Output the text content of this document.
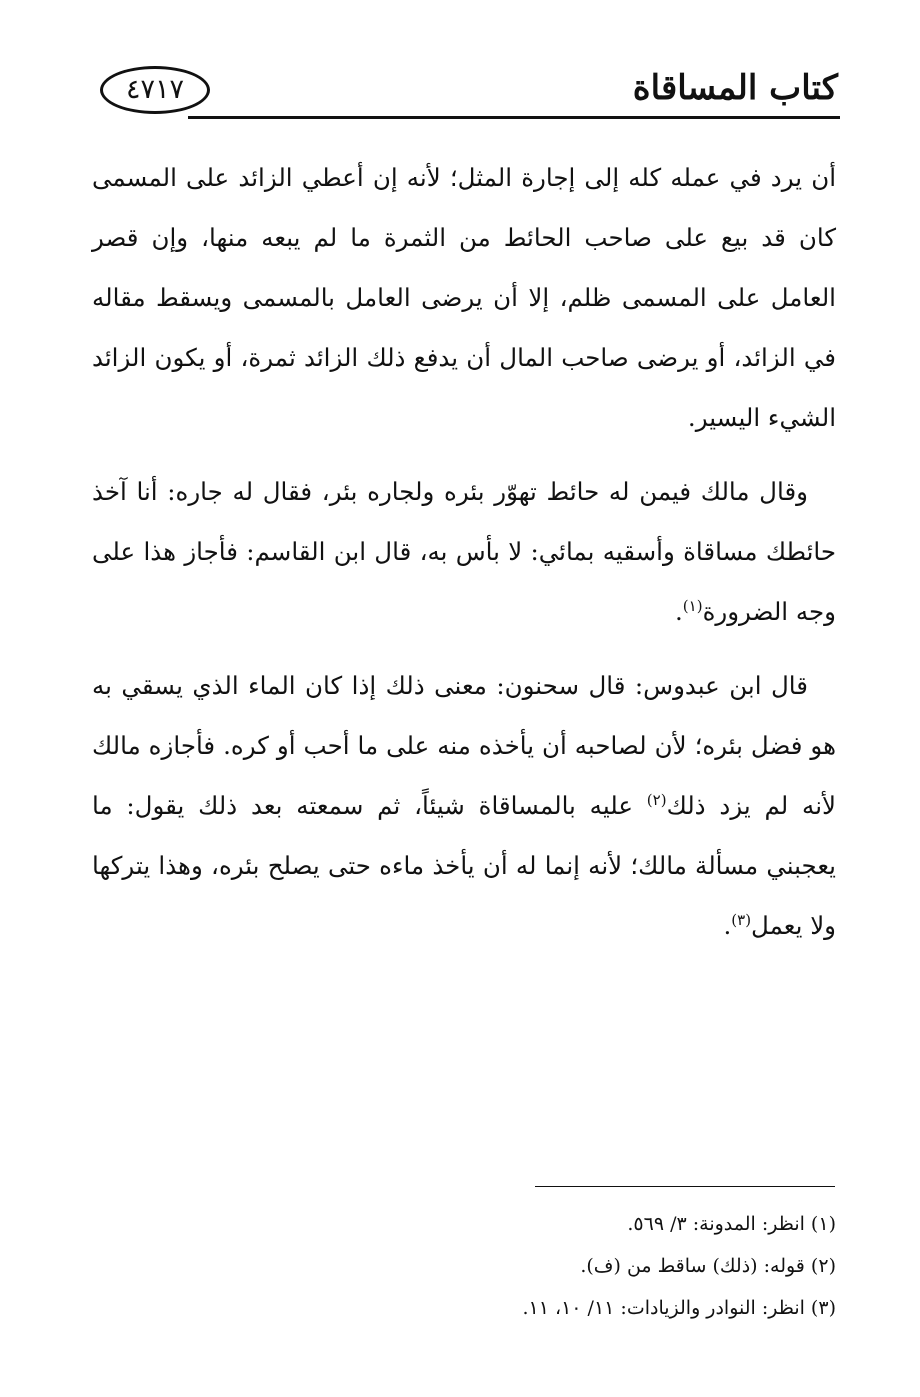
كتاب المساقاة
٤٧١٧

أن يرد في عمله كله إلى إجارة المثل؛ لأنه إن أعطي الزائد على المسمى كان قد بيع على صاحب الحائط من الثمرة ما لم يبعه منها، وإن قصر العامل على المسمى ظلم، إلا أن يرضى العامل بالمسمى ويسقط مقاله في الزائد، أو يرضى صاحب المال أن يدفع ذلك الزائد ثمرة، أو يكون الزائد الشيء اليسير.

وقال مالك فيمن له حائط تهوّر بئره ولجاره بئر، فقال له جاره: أنا آخذ حائطك مساقاة وأسقيه بمائي: لا بأس به، قال ابن القاسم: فأجاز هذا على وجه الضرورة$^{(١)}$.

قال ابن عبدوس: قال سحنون: معنى ذلك إذا كان الماء الذي يسقي به هو فضل بئره؛ لأن لصاحبه أن يأخذه منه على ما أحب أو كره. فأجازه مالك لأنه لم يزد ذلك$^{(٢)}$ عليه بالمساقاة شيئاً، ثم سمعته بعد ذلك يقول: ما يعجبني مسألة مالك؛ لأنه إنما له أن يأخذ ماءه حتى يصلح بئره، وهذا يتركها ولا يعمل$^{(٣)}$.

(١) انظر: المدونة: ٣/ ٥٦٩.
(٢) قوله: (ذلك) ساقط من (ف).
(٣) انظر: النوادر والزيادات: ١١/ ١٠، ١١.
